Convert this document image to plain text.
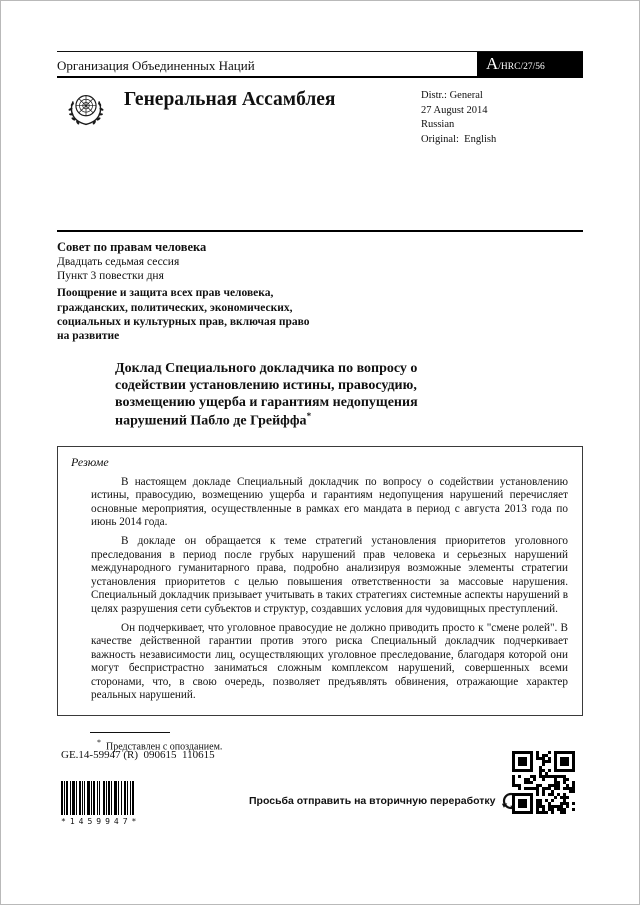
Организация Объединенных Наций	A /HRC/27/56
Генеральная Ассамблея	Distr.: General
27 August 2014
Russian
Original:  English
Совет по правам человека
Двадцать седьмая сессия
Пункт 3 повестки дня
Поощрение и защита всех прав человека, гражданских, политических, экономических, социальных и культурных прав, включая право на развитие
Доклад Специального докладчика по вопросу о содействии установлению истины, правосудию, возмещению ущерба и гарантиям недопущения нарушений Пабло де Грейффа*
Резюме

В настоящем докладе Специальный докладчик по вопросу о содействии установлению истины, правосудию, возмещению ущерба и гарантиям недопущения нарушений перечисляет основные мероприятия, осуществленные в рамках его мандата в период с августа 2013 года по июнь 2014 года.

В докладе он обращается к теме стратегий установления приоритетов уголовного преследования в период после грубых нарушений прав человека и серьезных нарушений международного гуманитарного права, подробно анализируя возможные элементы стратегии установления приоритетов с целью повышения ответственности за массовые нарушения. Специальный докладчик призывает учитывать в таких стратегиях системные аспекты нарушений в целях разрушения сети субъектов и структур, создавших условия для чудовищных преступлений.

Он подчеркивает, что уголовное правосудие не должно приводить просто к "смене ролей". В качестве действенной гарантии против этого риска Специальный докладчик подчеркивает важность независимости лиц, осуществляющих уголовное преследование, благодаря которой они могут беспристрастно заниматься сложным комплексом нарушений, совершенных всеми сторонами, что, в свою очередь, позволяет предъявлять обвинения, отражающие характер реальных нарушений.

* Представлен с опозданием.
GE.14-59947 (R)  090615  110615
*1459947*
Просьба отправить на вторичную переработку
